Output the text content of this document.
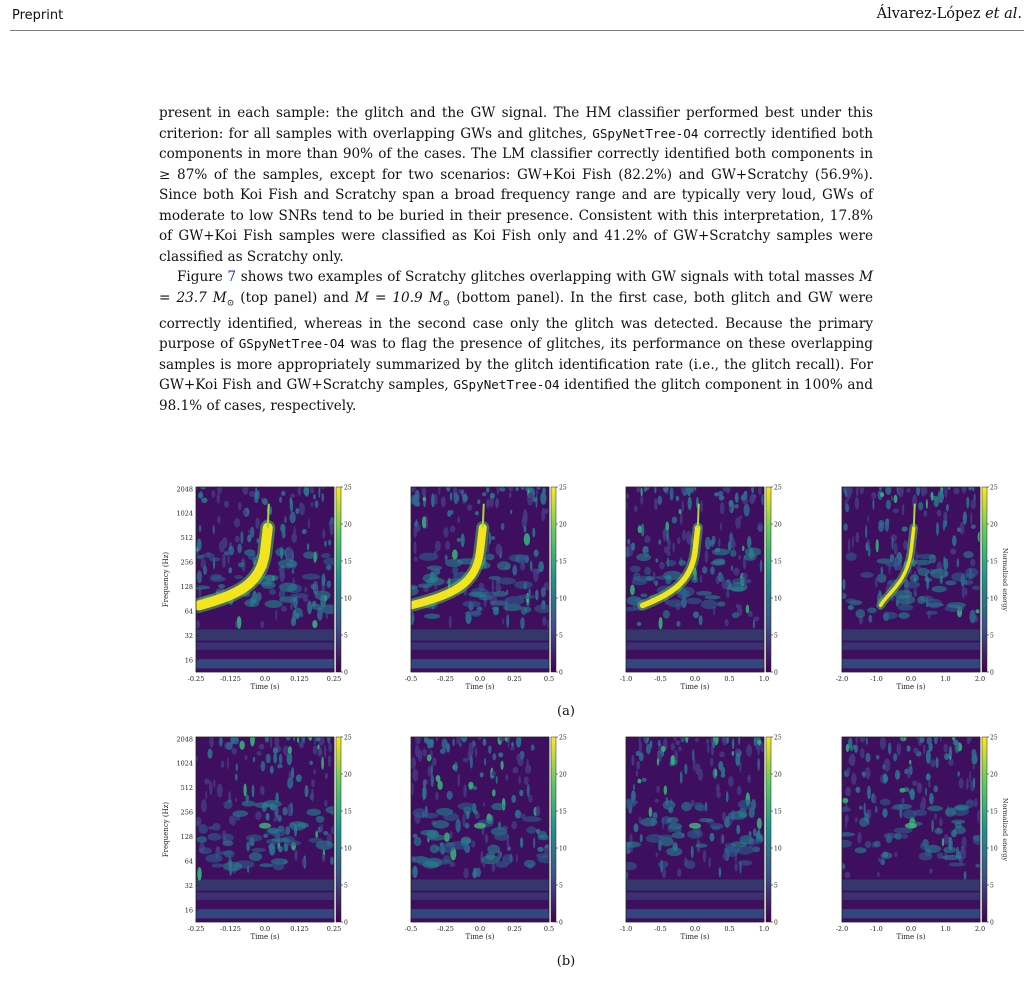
Preprint	Álvarez-López et al.

present in each sample: the glitch and the GW signal. The HM classifier performed best under this criterion: for all samples with overlapping GWs and glitches, GSpyNetTree-O4 correctly identified both components in more than 90% of the cases. The LM classifier correctly identified both components in ≥ 87% of the samples, except for two scenarios: GW+Koi Fish (82.2%) and GW+Scratchy (56.9%). Since both Koi Fish and Scratchy span a broad frequency range and are typically very loud, GWs of moderate to low SNRs tend to be buried in their presence. Consistent with this interpretation, 17.8% of GW+Koi Fish samples were classified as Koi Fish only and 41.2% of GW+Scratchy samples were classified as Scratchy only.

Figure 7 shows two examples of Scratchy glitches overlapping with GW signals with total masses M = 23.7 $M_⊙$ (top panel) and M = 10.9 $M_⊙$ (bottom panel). In the first case, both glitch and GW were correctly identified, whereas in the second case only the glitch was detected. Because the primary purpose of GSpyNetTree-O4 was to flag the presence of glitches, its performance on these overlapping samples is more appropriately summarized by the glitch identification rate (i.e., the glitch recall). For GW+Koi Fish and GW+Scratchy samples, GSpyNetTree-O4 identified the glitch component in 100% and 98.1% of cases, respectively.

-0.25 -0.125	0.0	0.125	0.25
Time (s)
2048
1024
512
256
128
64
32
16
Frequency (Hz)
25
20
15
10
5
0
-0.5	-0.25	0.0	0.25	0.5
Time (s)
25
20
15
10
5
0
-1.0	-0.5	0.0	0.5	1.0
Time (s)
25
20
15
10
5
0
-2.0	-1.0	0.0	1.0	2.0
Time (s)
25
20
15
10
5
0
Normalized energy
(a)
-0.25 -0.125	0.0	0.125	0.25
Time (s)
2048
1024
512
256
128
64
32
16
Frequency (Hz)
25
20
15
10
5
0
-0.5	-0.25	0.0	0.25	0.5
Time (s)
25
20
15
10
5
0
-1.0	-0.5	0.0	0.5	1.0
Time (s)
25
20
15
10
5
0
-2.0	-1.0	0.0	1.0	2.0
Time (s)
25
20
15
10
5
0
Normalized energy
(b)
